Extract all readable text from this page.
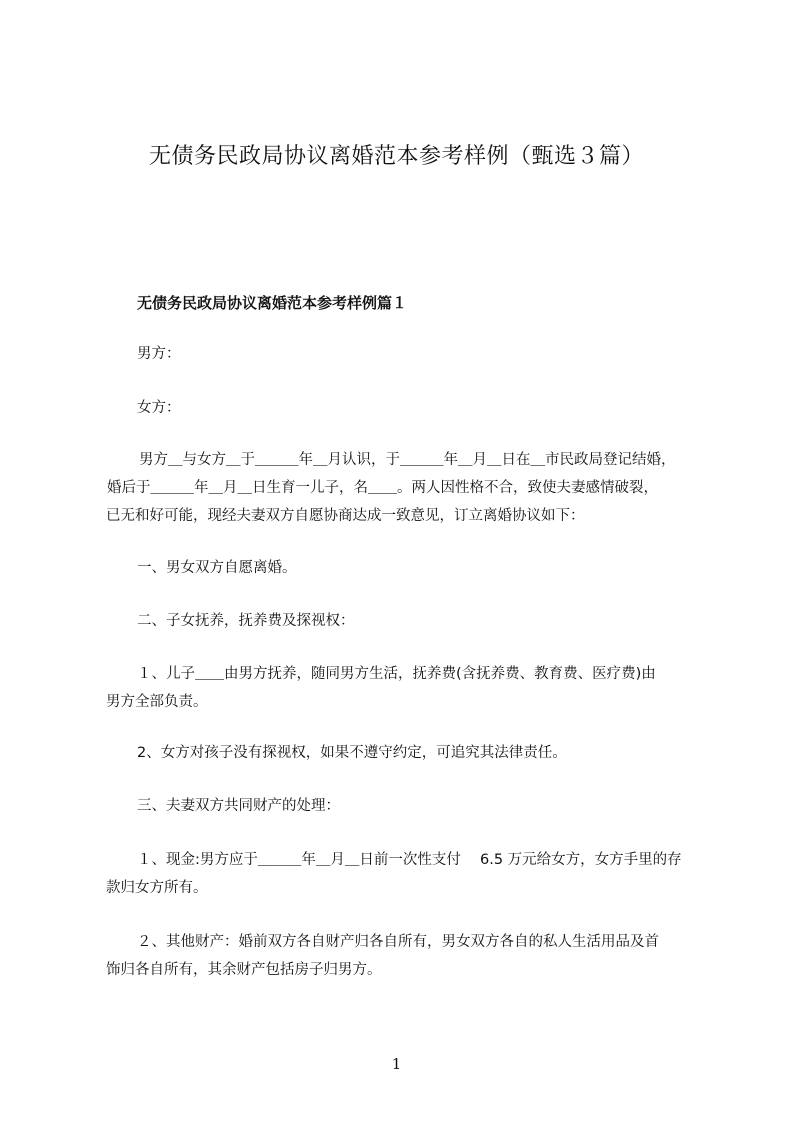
无债务民政局协议离婚范本参考样例（甄选３篇）
无债务民政局协议离婚范本参考样例篇１
男方：
女方：
男方＿与女方＿于＿＿＿年＿月认识，于＿＿＿年＿月＿日在＿市民政局登记结婚，
婚后于＿＿＿年＿月＿日生育一儿子，名＿＿。两人因性格不合，致使夫妻感情破裂，
已无和好可能，现经夫妻双方自愿协商达成一致意见，订立离婚协议如下：
一、男女双方自愿离婚。
二、子女抚养，抚养费及探视权：
１、儿子＿＿由男方抚养，随同男方生活，抚养费(含抚养费、教育费、医疗费)由
男方全部负责。
2、女方对孩子没有探视权，如果不遵守约定，可追究其法律责任。
三、夫妻双方共同财产的处理：
１、现金:男方应于＿＿＿年＿月＿日前一次性支付　 6.5 万元给女方，女方手里的存
款归女方所有。
２、其他财产：婚前双方各自财产归各自所有，男女双方各自的私人生活用品及首
饰归各自所有，其余财产包括房子归男方。
1
